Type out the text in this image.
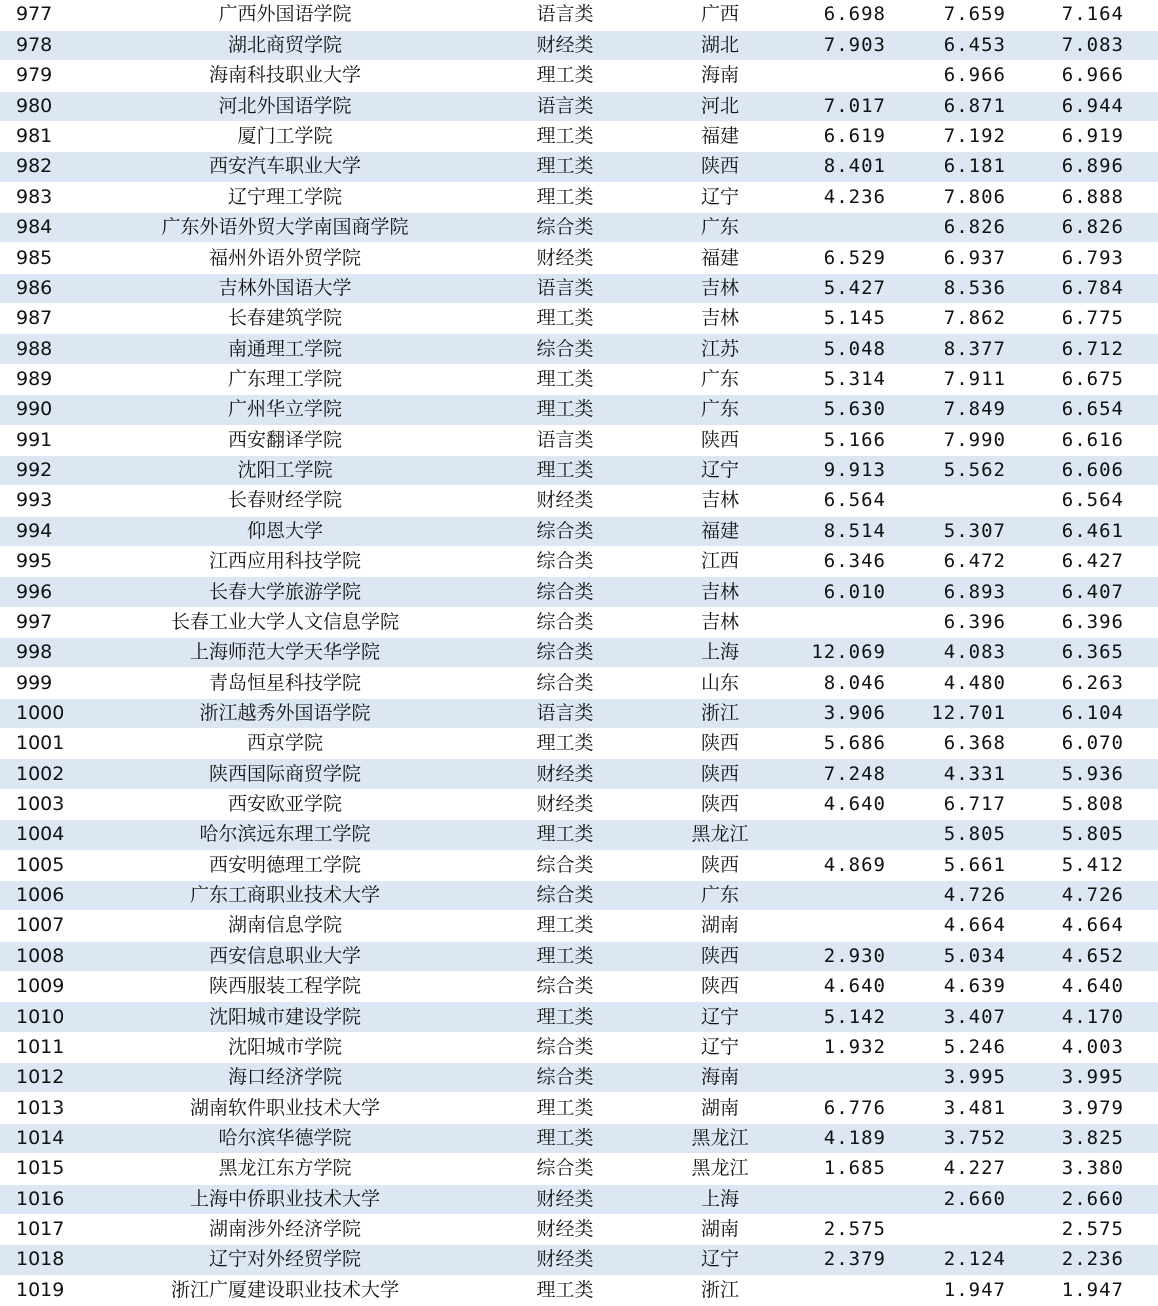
977	广西外国语学院	语言类	广西	6.698	7.659	7.164
978	湖北商贸学院	财经类	湖北	7.903	6.453	7.083
979	海南科技职业大学	理工类	海南		6.966	6.966
980	河北外国语学院	语言类	河北	7.017	6.871	6.944
981	厦门工学院	理工类	福建	6.619	7.192	6.919
982	西安汽车职业大学	理工类	陕西	8.401	6.181	6.896
983	辽宁理工学院	理工类	辽宁	4.236	7.806	6.888
984	广东外语外贸大学南国商学院	综合类	广东		6.826	6.826
985	福州外语外贸学院	财经类	福建	6.529	6.937	6.793
986	吉林外国语大学	语言类	吉林	5.427	8.536	6.784
987	长春建筑学院	理工类	吉林	5.145	7.862	6.775
988	南通理工学院	综合类	江苏	5.048	8.377	6.712
989	广东理工学院	理工类	广东	5.314	7.911	6.675
990	广州华立学院	理工类	广东	5.630	7.849	6.654
991	西安翻译学院	语言类	陕西	5.166	7.990	6.616
992	沈阳工学院	理工类	辽宁	9.913	5.562	6.606
993	长春财经学院	财经类	吉林	6.564		6.564
994	仰恩大学	综合类	福建	8.514	5.307	6.461
995	江西应用科技学院	综合类	江西	6.346	6.472	6.427
996	长春大学旅游学院	综合类	吉林	6.010	6.893	6.407
997	长春工业大学人文信息学院	综合类	吉林		6.396	6.396
998	上海师范大学天华学院	综合类	上海	12.069	4.083	6.365
999	青岛恒星科技学院	综合类	山东	8.046	4.480	6.263
1000	浙江越秀外国语学院	语言类	浙江	3.906	12.701	6.104
1001	西京学院	理工类	陕西	5.686	6.368	6.070
1002	陕西国际商贸学院	财经类	陕西	7.248	4.331	5.936
1003	西安欧亚学院	财经类	陕西	4.640	6.717	5.808
1004	哈尔滨远东理工学院	理工类	黑龙江		5.805	5.805
1005	西安明德理工学院	综合类	陕西	4.869	5.661	5.412
1006	广东工商职业技术大学	综合类	广东		4.726	4.726
1007	湖南信息学院	理工类	湖南		4.664	4.664
1008	西安信息职业大学	理工类	陕西	2.930	5.034	4.652
1009	陕西服装工程学院	综合类	陕西	4.640	4.639	4.640
1010	沈阳城市建设学院	理工类	辽宁	5.142	3.407	4.170
1011	沈阳城市学院	综合类	辽宁	1.932	5.246	4.003
1012	海口经济学院	综合类	海南		3.995	3.995
1013	湖南软件职业技术大学	理工类	湖南	6.776	3.481	3.979
1014	哈尔滨华德学院	理工类	黑龙江	4.189	3.752	3.825
1015	黑龙江东方学院	综合类	黑龙江	1.685	4.227	3.380
1016	上海中侨职业技术大学	财经类	上海		2.660	2.660
1017	湖南涉外经济学院	财经类	湖南	2.575		2.575
1018	辽宁对外经贸学院	财经类	辽宁	2.379	2.124	2.236
1019	浙江广厦建设职业技术大学	理工类	浙江		1.947	1.947
